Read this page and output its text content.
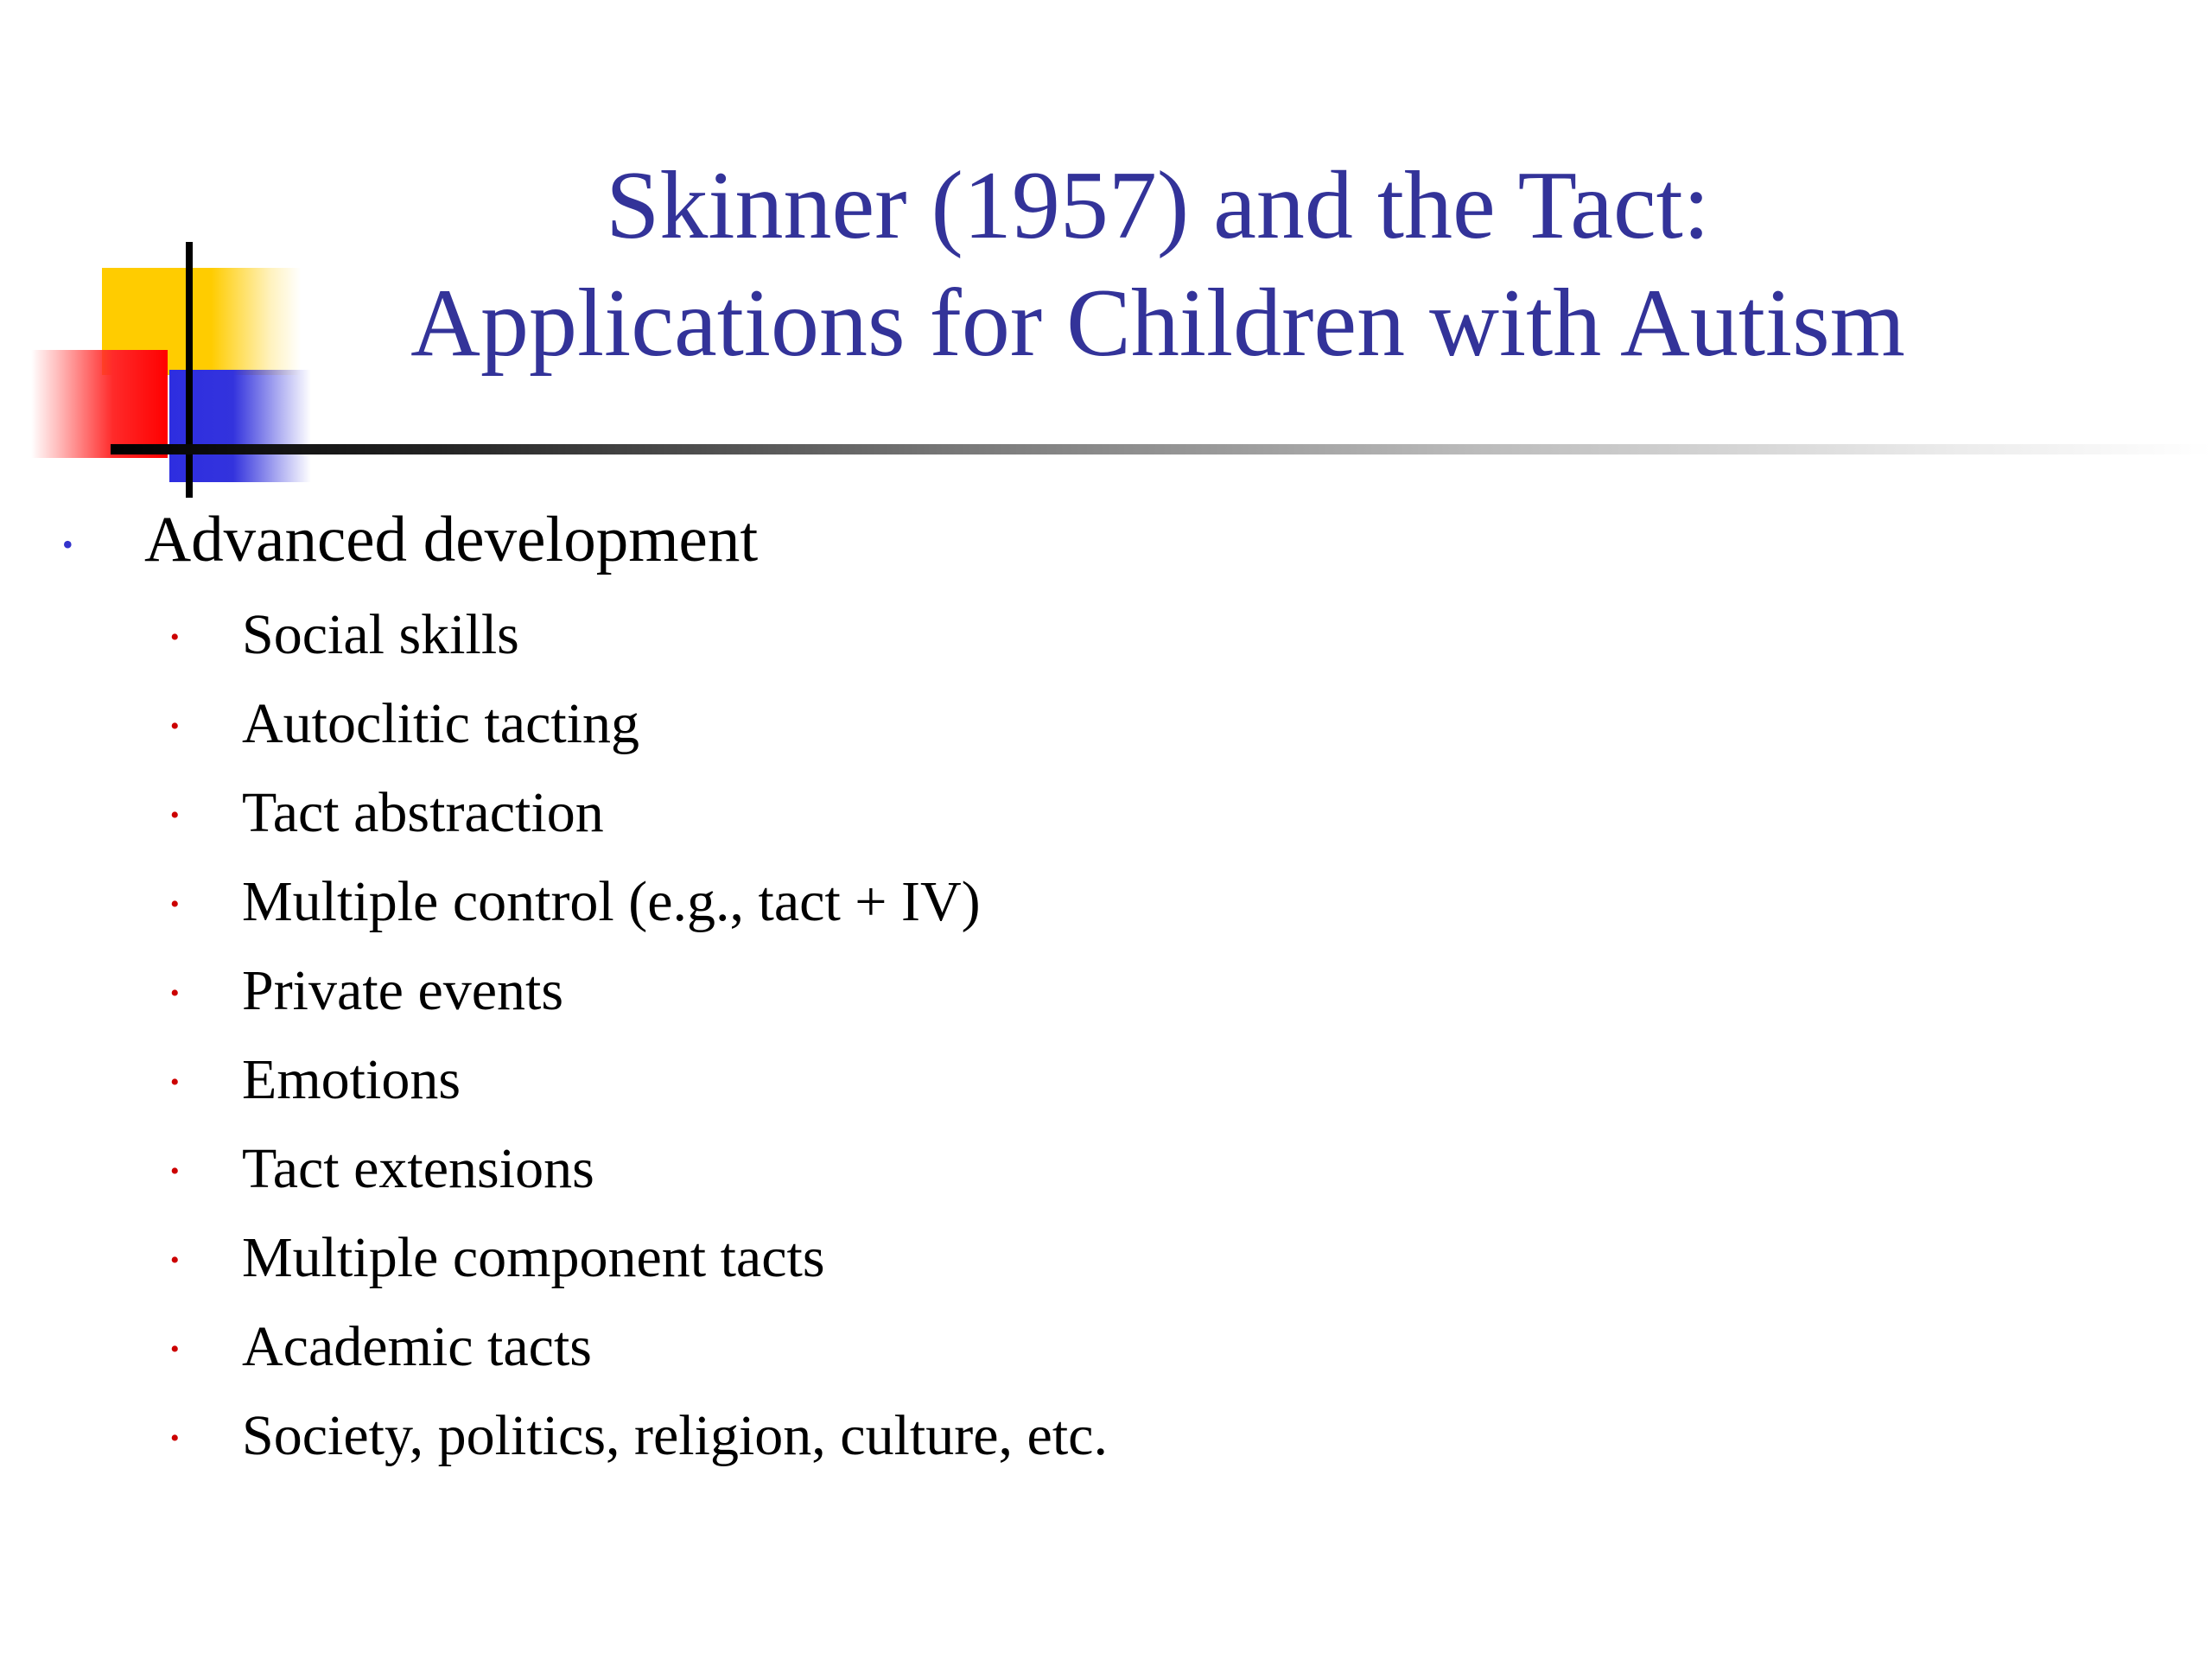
Skinner (1957) and the Tact:
Applications for Children with Autism
• Advanced development
• Social skills
• Autoclitic tacting
• Tact abstraction
• Multiple control (e.g., tact + IV)
• Private events
• Emotions
• Tact extensions
• Multiple component tacts
• Academic tacts
• Society, politics, religion, culture, etc.
